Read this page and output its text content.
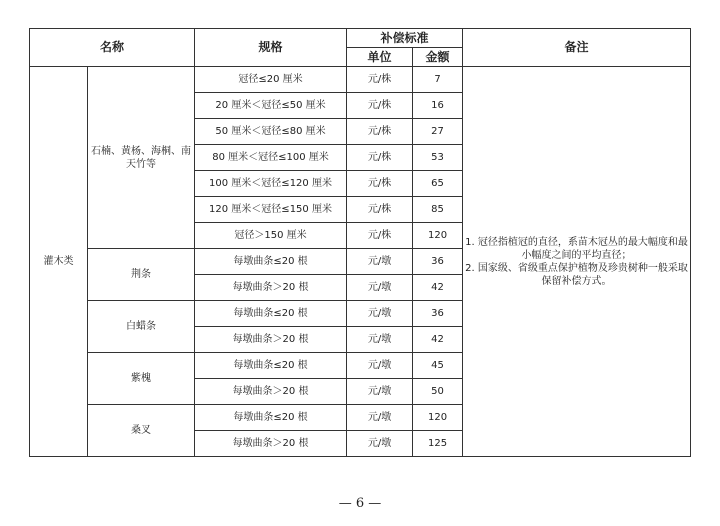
名称		规格	补偿标准		备注
			单位	金额	
灌木类	石楠、黄杨、海桐、南天竹等	冠径≤20 厘米	元/株	7	1. 冠径指植冠的直径，系苗木冠丛的最大幅度和最小幅度之间的平均直径；

2. 国家级、省级重点保护植物及珍贵树种一般采取保留补偿方式。

		20 厘米＜冠径≤50 厘米	元/株	16	
		50 厘米＜冠径≤80 厘米	元/株	27	
		80 厘米＜冠径≤100 厘米	元/株	53	
		100 厘米＜冠径≤120 厘米	元/株	65	
		120 厘米＜冠径≤150 厘米	元/株	85	
		冠径＞150 厘米	元/株	120	
	荆条	每墩曲条≤20 根	元/墩	36	
		每墩曲条＞20 根	元/墩	42	
	白蜡条	每墩曲条≤20 根	元/墩	36	
		每墩曲条＞20 根	元/墩	42	
	紫槐	每墩曲条≤20 根	元/墩	45	
		每墩曲条＞20 根	元/墩	50	
	桑叉	每墩曲条≤20 根	元/墩	120	
		每墩曲条＞20 根	元/墩	125	
— 6 —
